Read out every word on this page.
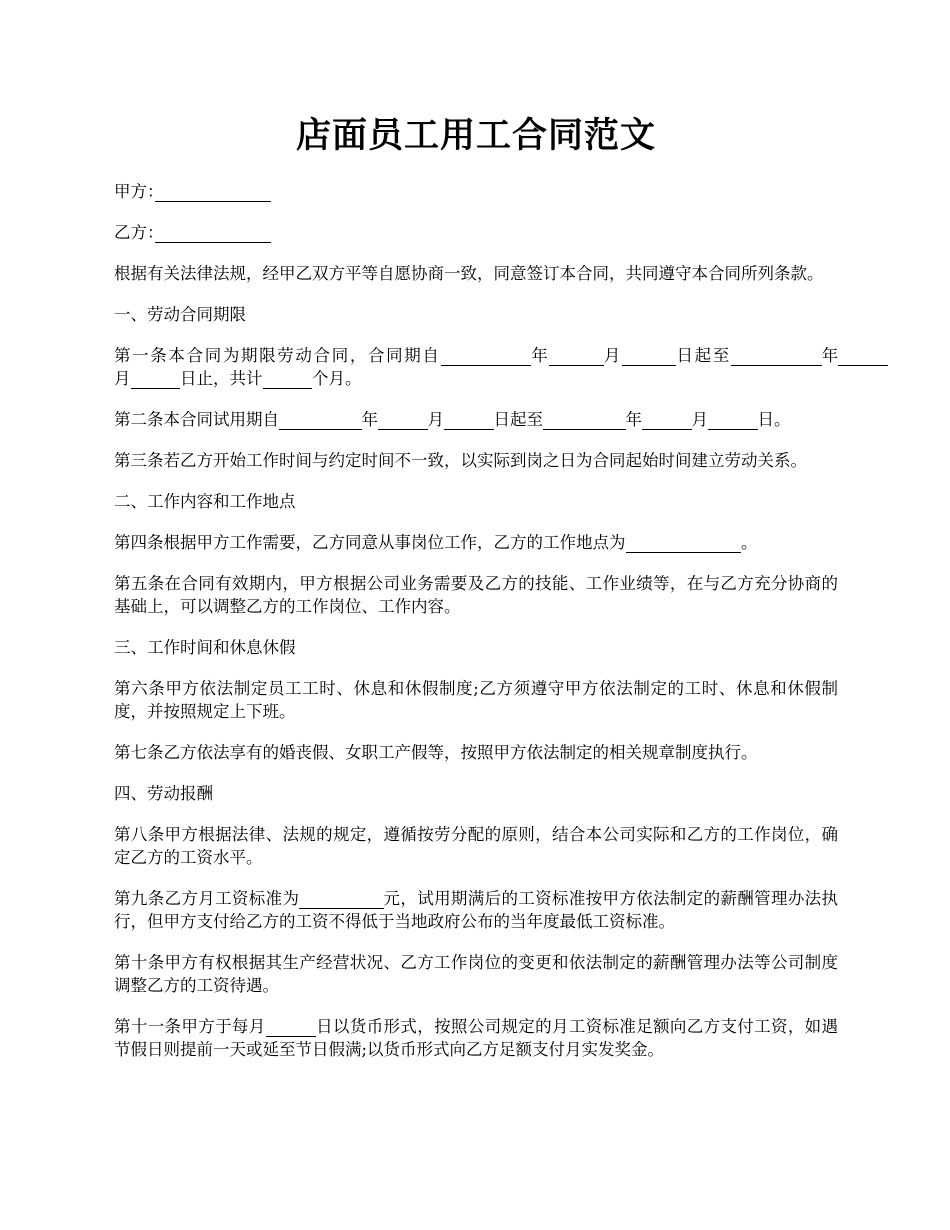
店面员工用工合同范文

甲方：　　　　　　　

乙方：　　　　　　　

根据有关法律法规，经甲乙双方平等自愿协商一致，同意签订本合同，共同遵守本合同所列条款。

一、劳动合同期限

第一条本合同为期限劳动合同，合同期自　　　　　	年　　　	月　　　	日起至　　　　　	年　　　月　　　	日止，共计　　　	个月。

第二条本合同试用期自　　　　　	年　　　	月　　　	日起至　　　　　	年　　　	月　　　	日。

第三条若乙方开始工作时间与约定时间不一致，以实际到岗之日为合同起始时间建立劳动关系。

二、工作内容和工作地点

第四条根据甲方工作需要，乙方同意从事岗位工作，乙方的工作地点为　　　　　　　	。

第五条在合同有效期内，甲方根据公司业务需要及乙方的技能、工作业绩等，在与乙方充分协商的基础上，可以调整乙方的工作岗位、工作内容。

三、工作时间和休息休假

第六条甲方依法制定员工工时、休息和休假制度;乙方须遵守甲方依法制定的工时、休息和休假制度，并按照规定上下班。

第七条乙方依法享有的婚丧假、女职工产假等，按照甲方依法制定的相关规章制度执行。

四、劳动报酬

第八条甲方根据法律、法规的规定，遵循按劳分配的原则，结合本公司实际和乙方的工作岗位，确定乙方的工资水平。

第九条乙方月工资标准为　　　　　	元，试用期满后的工资标准按甲方依法制定的薪酬管理办法执行，但甲方支付给乙方的工资不得低于当地政府公布的当年度最低工资标准。

第十条甲方有权根据其生产经营状况、乙方工作岗位的变更和依法制定的薪酬管理办法等公司制度调整乙方的工资待遇。

第十一条甲方于每月　　　	日以货币形式，按照公司规定的月工资标准足额向乙方支付工资，如遇节假日则提前一天或延至节日假满;以货币形式向乙方足额支付月实发奖金。
